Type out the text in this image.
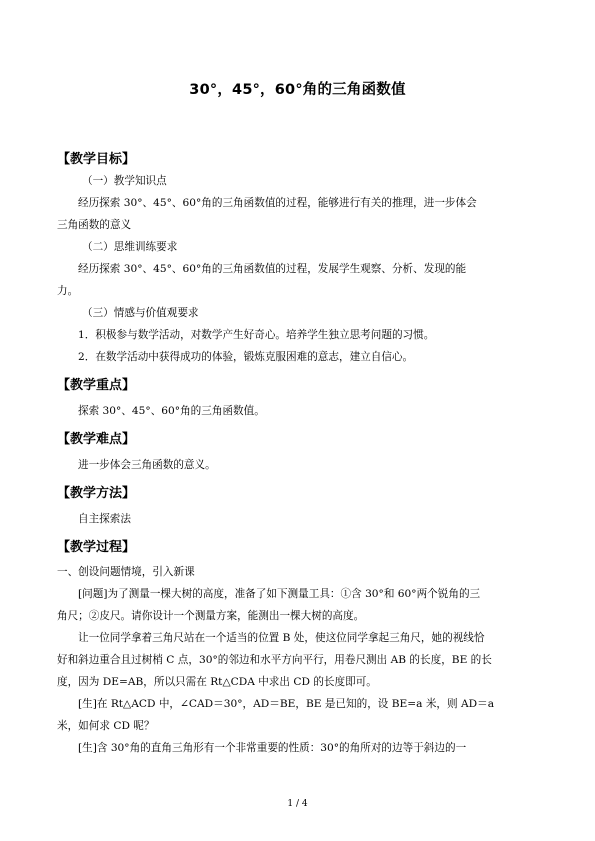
30°，45°，60°角的三角函数值
【教学目标】
（一）教学知识点
经历探索 30°、45°、60°角的三角函数值的过程，能够进行有关的推理，进一步体会
三角函数的意义
（二）思维训练要求
经历探索 30°、45°、60°角的三角函数值的过程，发展学生观察、分析、发现的能
力。
（三）情感与价值观要求
1．积极参与数学活动，对数学产生好奇心。培养学生独立思考问题的习惯。
2．在数学活动中获得成功的体验，锻炼克服困难的意志，建立自信心。
【教学重点】
探索 30°、45°、60°角的三角函数值。
【教学难点】
进一步体会三角函数的意义。
【教学方法】
自主探索法
【教学过程】
一、创设问题情境，引入新课
[问题]为了测量一棵大树的高度，准备了如下测量工具：①含 30°和 60°两个锐角的三
角尺；②皮尺。请你设计一个测量方案，能测出一棵大树的高度。
让一位同学拿着三角尺站在一个适当的位置 B 处，使这位同学拿起三角尺，她的视线恰
好和斜边重合且过树梢 C 点，30°的邻边和水平方向平行，用卷尺测出 AB 的长度，BE 的长
度，因为 DE=AB，所以只需在 Rt△CDA 中求出 CD 的长度即可。
[生]在 Rt△ACD 中，∠CAD＝30°，AD＝BE，BE 是已知的，设 BE=a 米，则 AD＝a
米，如何求 CD 呢？
[生]含 30°角的直角三角形有一个非常重要的性质：30°的角所对的边等于斜边的一
1 / 4
